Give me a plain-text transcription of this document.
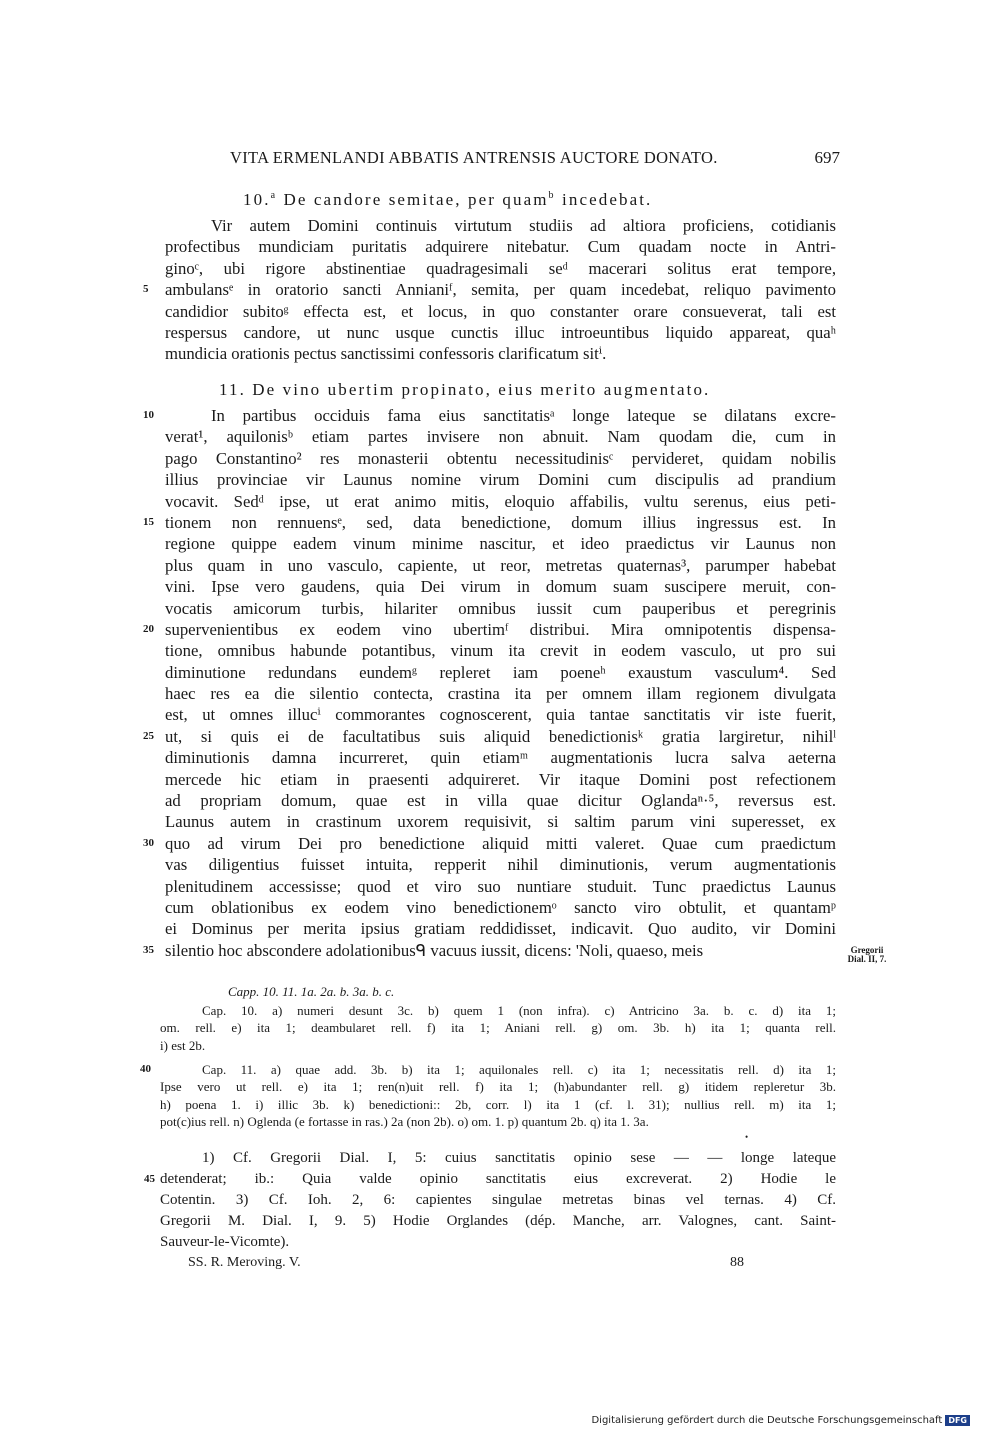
VITA ERMENLANDI ABBATIS ANTRENSIS AUCTORE DONATO.	697
10.$^a$ De candore semitae, per quam$^b$ incedebat.
Vir autem Domini continuis virtutum studiis ad altiora proficiens, cotidianis
profectibus mundiciam puritatis adquirere nitebatur. Cum quadam nocte in Antri-
ginoᶜ, ubi rigore abstinentiae quadragesimali seᵈ macerari solitus erat tempore,
5 ambulansᵉ in oratorio sancti Annianiᶠ, semita, per quam incedebat, reliquo pavimento
candidior subitoᵍ effecta est, et locus, in quo constanter orare consueverat, tali est
respersus candore, ut nunc usque cunctis illuc introeuntibus liquido appareat, quaʰ
mundicia orationis pectus sanctissimi confessoris clarificatum sitⁱ.
11. De vino ubertim propinato, eius merito augmentato.
10	In partibus occiduis fama eius sanctitatisᵃ longe lateque se dilatans excre-
verat¹, aquilonisᵇ etiam partes invisere non abnuit. Nam quodam die, cum in
pago Constantino² res monasterii obtentu necessitudinisᶜ pervideret, quidam nobilis
illius provinciae vir Launus nomine virum Domini cum discipulis ad prandium
vocavit. Sedᵈ ipse, ut erat animo mitis, eloquio affabilis, vultu serenus, eius peti-
15 tionem non rennuensᵉ, sed, data benedictione, domum illius ingressus est. In
regione quippe eadem vinum minime nascitur, et ideo praedictus vir Launus non
plus quam in uno vasculo, capiente, ut reor, metretas quaternas³, parumper habebat
vini. Ipse vero gaudens, quia Dei virum in domum suam suscipere meruit, con-
vocatis amicorum turbis, hilariter omnibus iussit cum pauperibus et peregrinis
20 supervenientibus ex eodem vino ubertimᶠ distribui. Mira omnipotentis dispensa-
tione, omnibus habunde potantibus, vinum ita crevit in eodem vasculo, ut pro sui
diminutione redundans eundemᵍ repleret iam poeneʰ exaustum vasculum⁴. Sed
haec res ea die silentio contecta, crastina ita per omnem illam regionem divulgata
est, ut omnes illucⁱ commorantes cognoscerent, quia tantae sanctitatis vir iste fuerit,
25 ut, si quis ei de facultatibus suis aliquid benedictionisᵏ gratia largiretur, nihilˡ
diminutionis damna incurreret, quin etiamᵐ augmentationis lucra salva aeterna
mercede hic etiam in praesenti adquireret. Vir itaque Domini post refectionem
ad propriam domum, quae est in villa quae dicitur Oglandaⁿ·⁵, reversus est.
Launus autem in crastinum uxorem requisivit, si saltim parum vini superesset, ex
30 quo ad virum Dei pro benedictione aliquid mitti valeret. Quae cum praedictum
vas diligentius fuisset intuita, repperit nihil diminutionis, verum augmentationis
plenitudinem accessisse; quod et viro suo nuntiare studuit. Tunc praedictus Launus
cum oblationibus ex eodem vino benedictionemᵒ sancto viro obtulit, et quantamᵖ
ei Dominus per merita ipsius gratiam reddidisset, indicavit. Quo audito, vir Domini
35 silentio hoc abscondere adolationibusᑫ vacuus iussit, dicens: 'Noli, quaeso, meis	Gregorii
Dial. II, 7.
Capp. 10. 11. 1a. 2a. b. 3a. b. c.
Cap. 10. a) numeri desunt 3c. b) quem 1 (non infra). c) Antricino 3a. b. c. d) ita 1;
om. rell. e) ita 1; deambularet rell. f) ita 1; Aniani rell. g) om. 3b. h) ita 1; quanta rell.
i) est 2b.
40	Cap. 11. a) quae add. 3b. b) ita 1; aquilonales rell. c) ita 1; necessitatis rell. d) ita 1;
Ipse vero ut rell. e) ita 1; ren(n)uit rell. f) ita 1; (h)abundanter rell. g) itidem repleretur 3b.
h) poena 1. i) illic 3b. k) benedictioni:: 2b, corr. l) ita 1 (cf. l. 31); nullius rell. m) ita 1;
pot(c)ius rell. n) Oglenda (e fortasse in ras.) 2a (non 2b). o) om. 1. p) quantum 2b. q) ita 1. 3a.
•
1) Cf. Gregorii Dial. I, 5: cuius sanctitatis opinio sese — — longe lateque
45 detenderat; ib.: Quia valde opinio sanctitatis eius excreverat. 2) Hodie le
Cotentin. 3) Cf. Ioh. 2, 6: capientes singulae metretas binas vel ternas. 4) Cf.
Gregorii M. Dial. I, 9. 5) Hodie Orglandes (dép. Manche, arr. Valognes, cant. Saint-
Sauveur-le-Vicomte).
SS. R. Meroving. V.	88
Digitalisierung gefördert durch die Deutsche Forschungsgemeinschaft DFG
